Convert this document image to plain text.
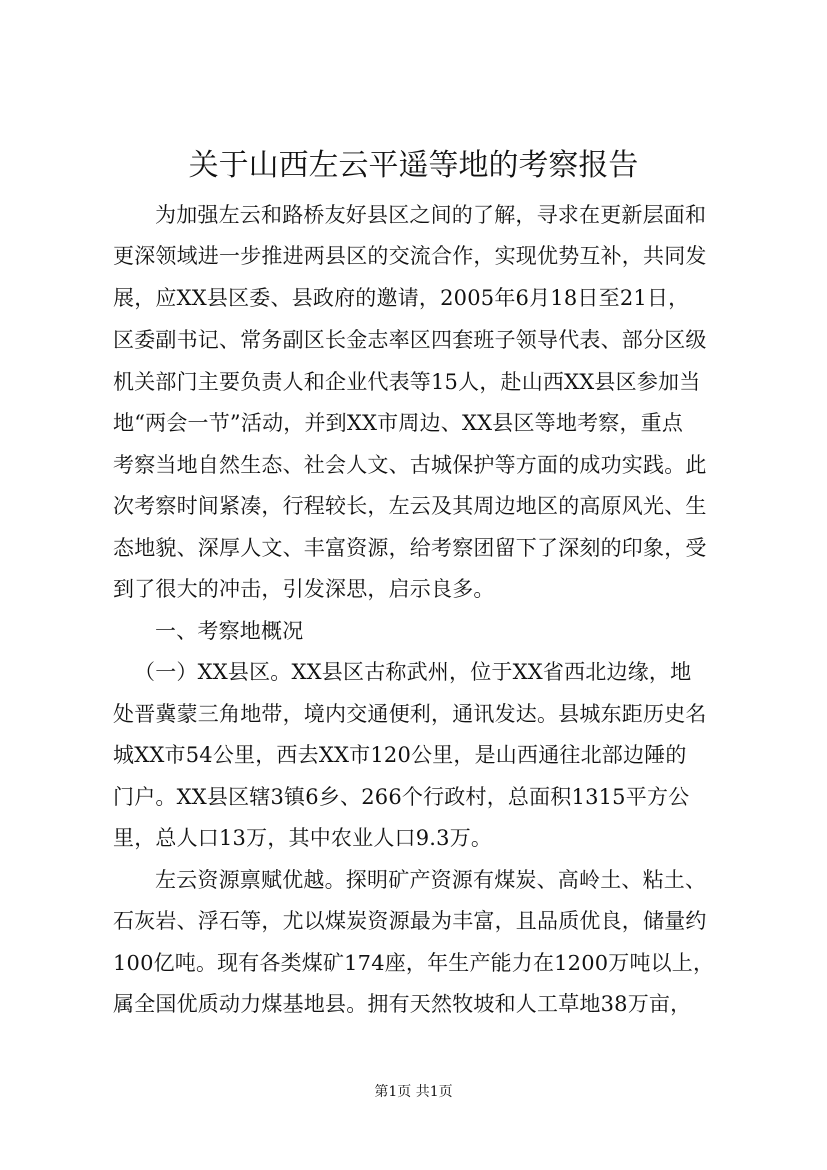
关于山西左云平遥等地的考察报告
为加强左云和路桥友好县区之间的了解，寻求在更新层面和
更深领域进一步推进两县区的交流合作，实现优势互补，共同发
展，应XX县区委、县政府的邀请，2005年6月18日至21日，
区委副书记、常务副区长金志率区四套班子领导代表、部分区级
机关部门主要负责人和企业代表等15人，赴山西XX县区参加当
地“两会一节”活动，并到XX市周边、XX县区等地考察，重点
考察当地自然生态、社会人文、古城保护等方面的成功实践。此
次考察时间紧凑，行程较长，左云及其周边地区的高原风光、生
态地貌、深厚人文、丰富资源，给考察团留下了深刻的印象，受
到了很大的冲击，引发深思，启示良多。
一、考察地概况
（一）XX县区。XX县区古称武州，位于XX省西北边缘，地
处晋冀蒙三角地带，境内交通便利，通讯发达。县城东距历史名
城XX市54公里，西去XX市120公里，是山西通往北部边陲的
门户。XX县区辖3镇6乡、266个行政村，总面积1315平方公
里，总人口13万，其中农业人口9.3万。
左云资源禀赋优越。探明矿产资源有煤炭、高岭土、粘土、
石灰岩、浮石等，尤以煤炭资源最为丰富，且品质优良，储量约
100亿吨。现有各类煤矿174座，年生产能力在1200万吨以上，
属全国优质动力煤基地县。拥有天然牧坡和人工草地38万亩，
第1页 共1页
